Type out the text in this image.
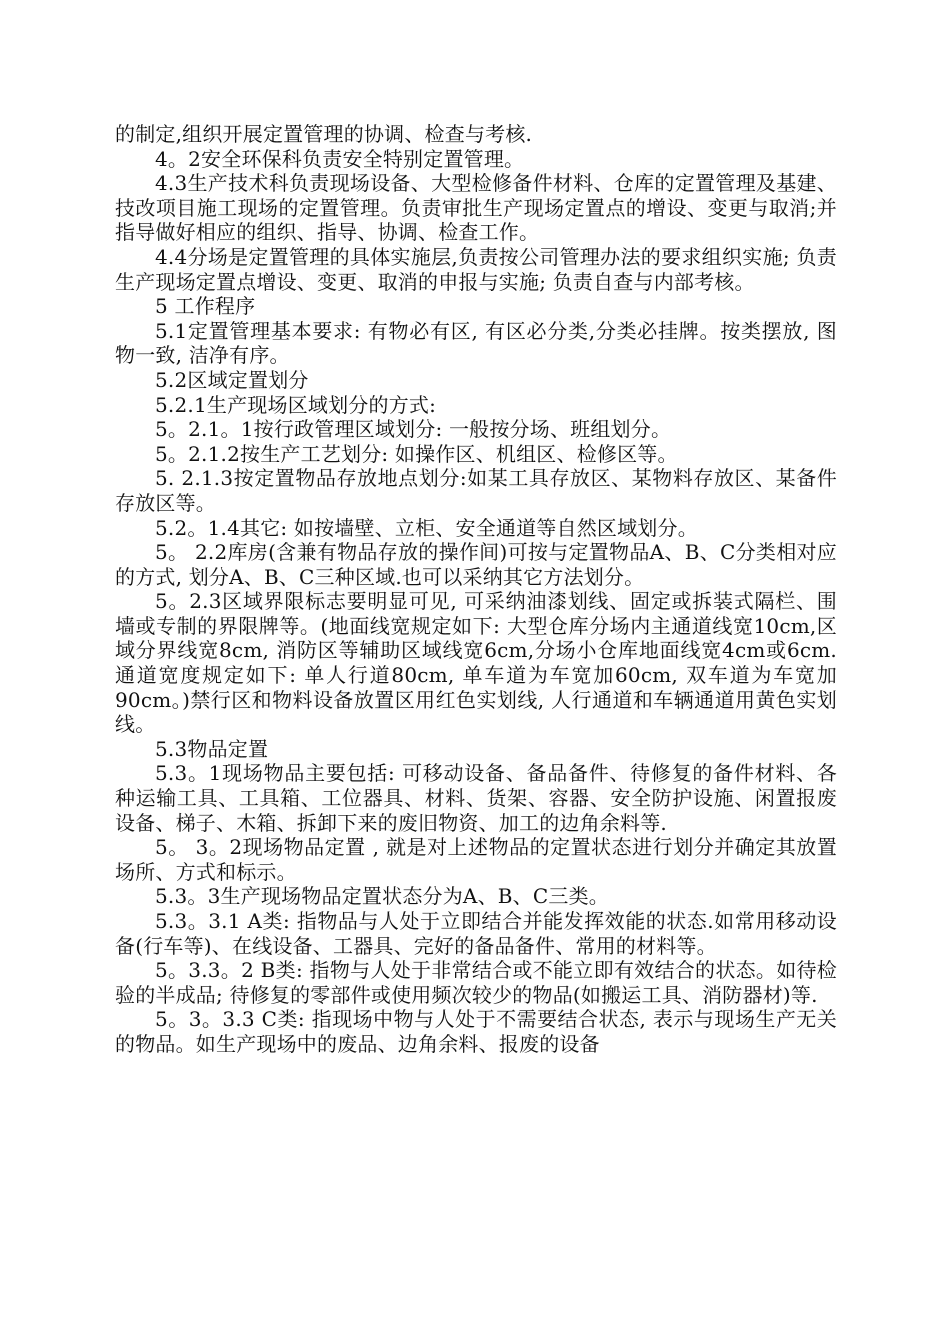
的制定,组织开展定置管理的协调、检查与考核.

4。2安全环保科负责安全特别定置管理。

4.3生产技术科负责现场设备、大型检修备件材料、仓库的定置管理及基建、技改项目施工现场的定置管理。负责审批生产现场定置点的增设、变更与取消;并指导做好相应的组织、指导、协调、检查工作。

4.4分场是定置管理的具体实施层,负责按公司管理办法的要求组织实施; 负责生产现场定置点增设、变更、取消的申报与实施; 负责自查与内部考核。

5 工作程序

5.1定置管理基本要求: 有物必有区, 有区必分类,分类必挂牌。按类摆放, 图物一致, 洁净有序。

5.2区域定置划分

5.2.1生产现场区域划分的方式:

5。2.1。1按行政管理区域划分: 一般按分场、班组划分。

5。2.1.2按生产工艺划分: 如操作区、机组区、检修区等。

5. 2.1.3按定置物品存放地点划分:如某工具存放区、某物料存放区、某备件存放区等。

5.2。1.4其它: 如按墙壁、立柜、安全通道等自然区域划分。

5。 2.2库房(含兼有物品存放的操作间)可按与定置物品A、B、C分类相对应的方式, 划分A、B、C三种区域.也可以采纳其它方法划分。

5。2.3区域界限标志要明显可见, 可采纳油漆划线、固定或拆装式隔栏、围墙或专制的界限牌等。(地面线宽规定如下: 大型仓库分场内主通道线宽10cm,区域分界线宽8cm, 消防区等辅助区域线宽6cm,分场小仓库地面线宽4cm或6cm.通道宽度规定如下: 单人行道80cm, 单车道为车宽加60cm, 双车道为车宽加90cm。)禁行区和物料设备放置区用红色实划线, 人行通道和车辆通道用黄色实划线。

5.3物品定置

5.3。1现场物品主要包括: 可移动设备、备品备件、待修复的备件材料、各种运输工具、工具箱、工位器具、材料、货架、容器、安全防护设施、闲置报废设备、梯子、木箱、拆卸下来的废旧物资、加工的边角余料等.

5。 3。2现场物品定置 , 就是对上述物品的定置状态进行划分并确定其放置场所、方式和标示。

5.3。3生产现场物品定置状态分为A、B、C三类。

5.3。3.1 A类: 指物品与人处于立即结合并能发挥效能的状态.如常用移动设备(行车等)、在线设备、工器具、完好的备品备件、常用的材料等。

5。3.3。2 B类: 指物与人处于非常结合或不能立即有效结合的状态。如待检验的半成品; 待修复的零部件或使用频次较少的物品(如搬运工具、消防器材)等.

5。3。3.3 C类: 指现场中物与人处于不需要结合状态, 表示与现场生产无关的物品。如生产现场中的废品、边角余料、报废的设备
